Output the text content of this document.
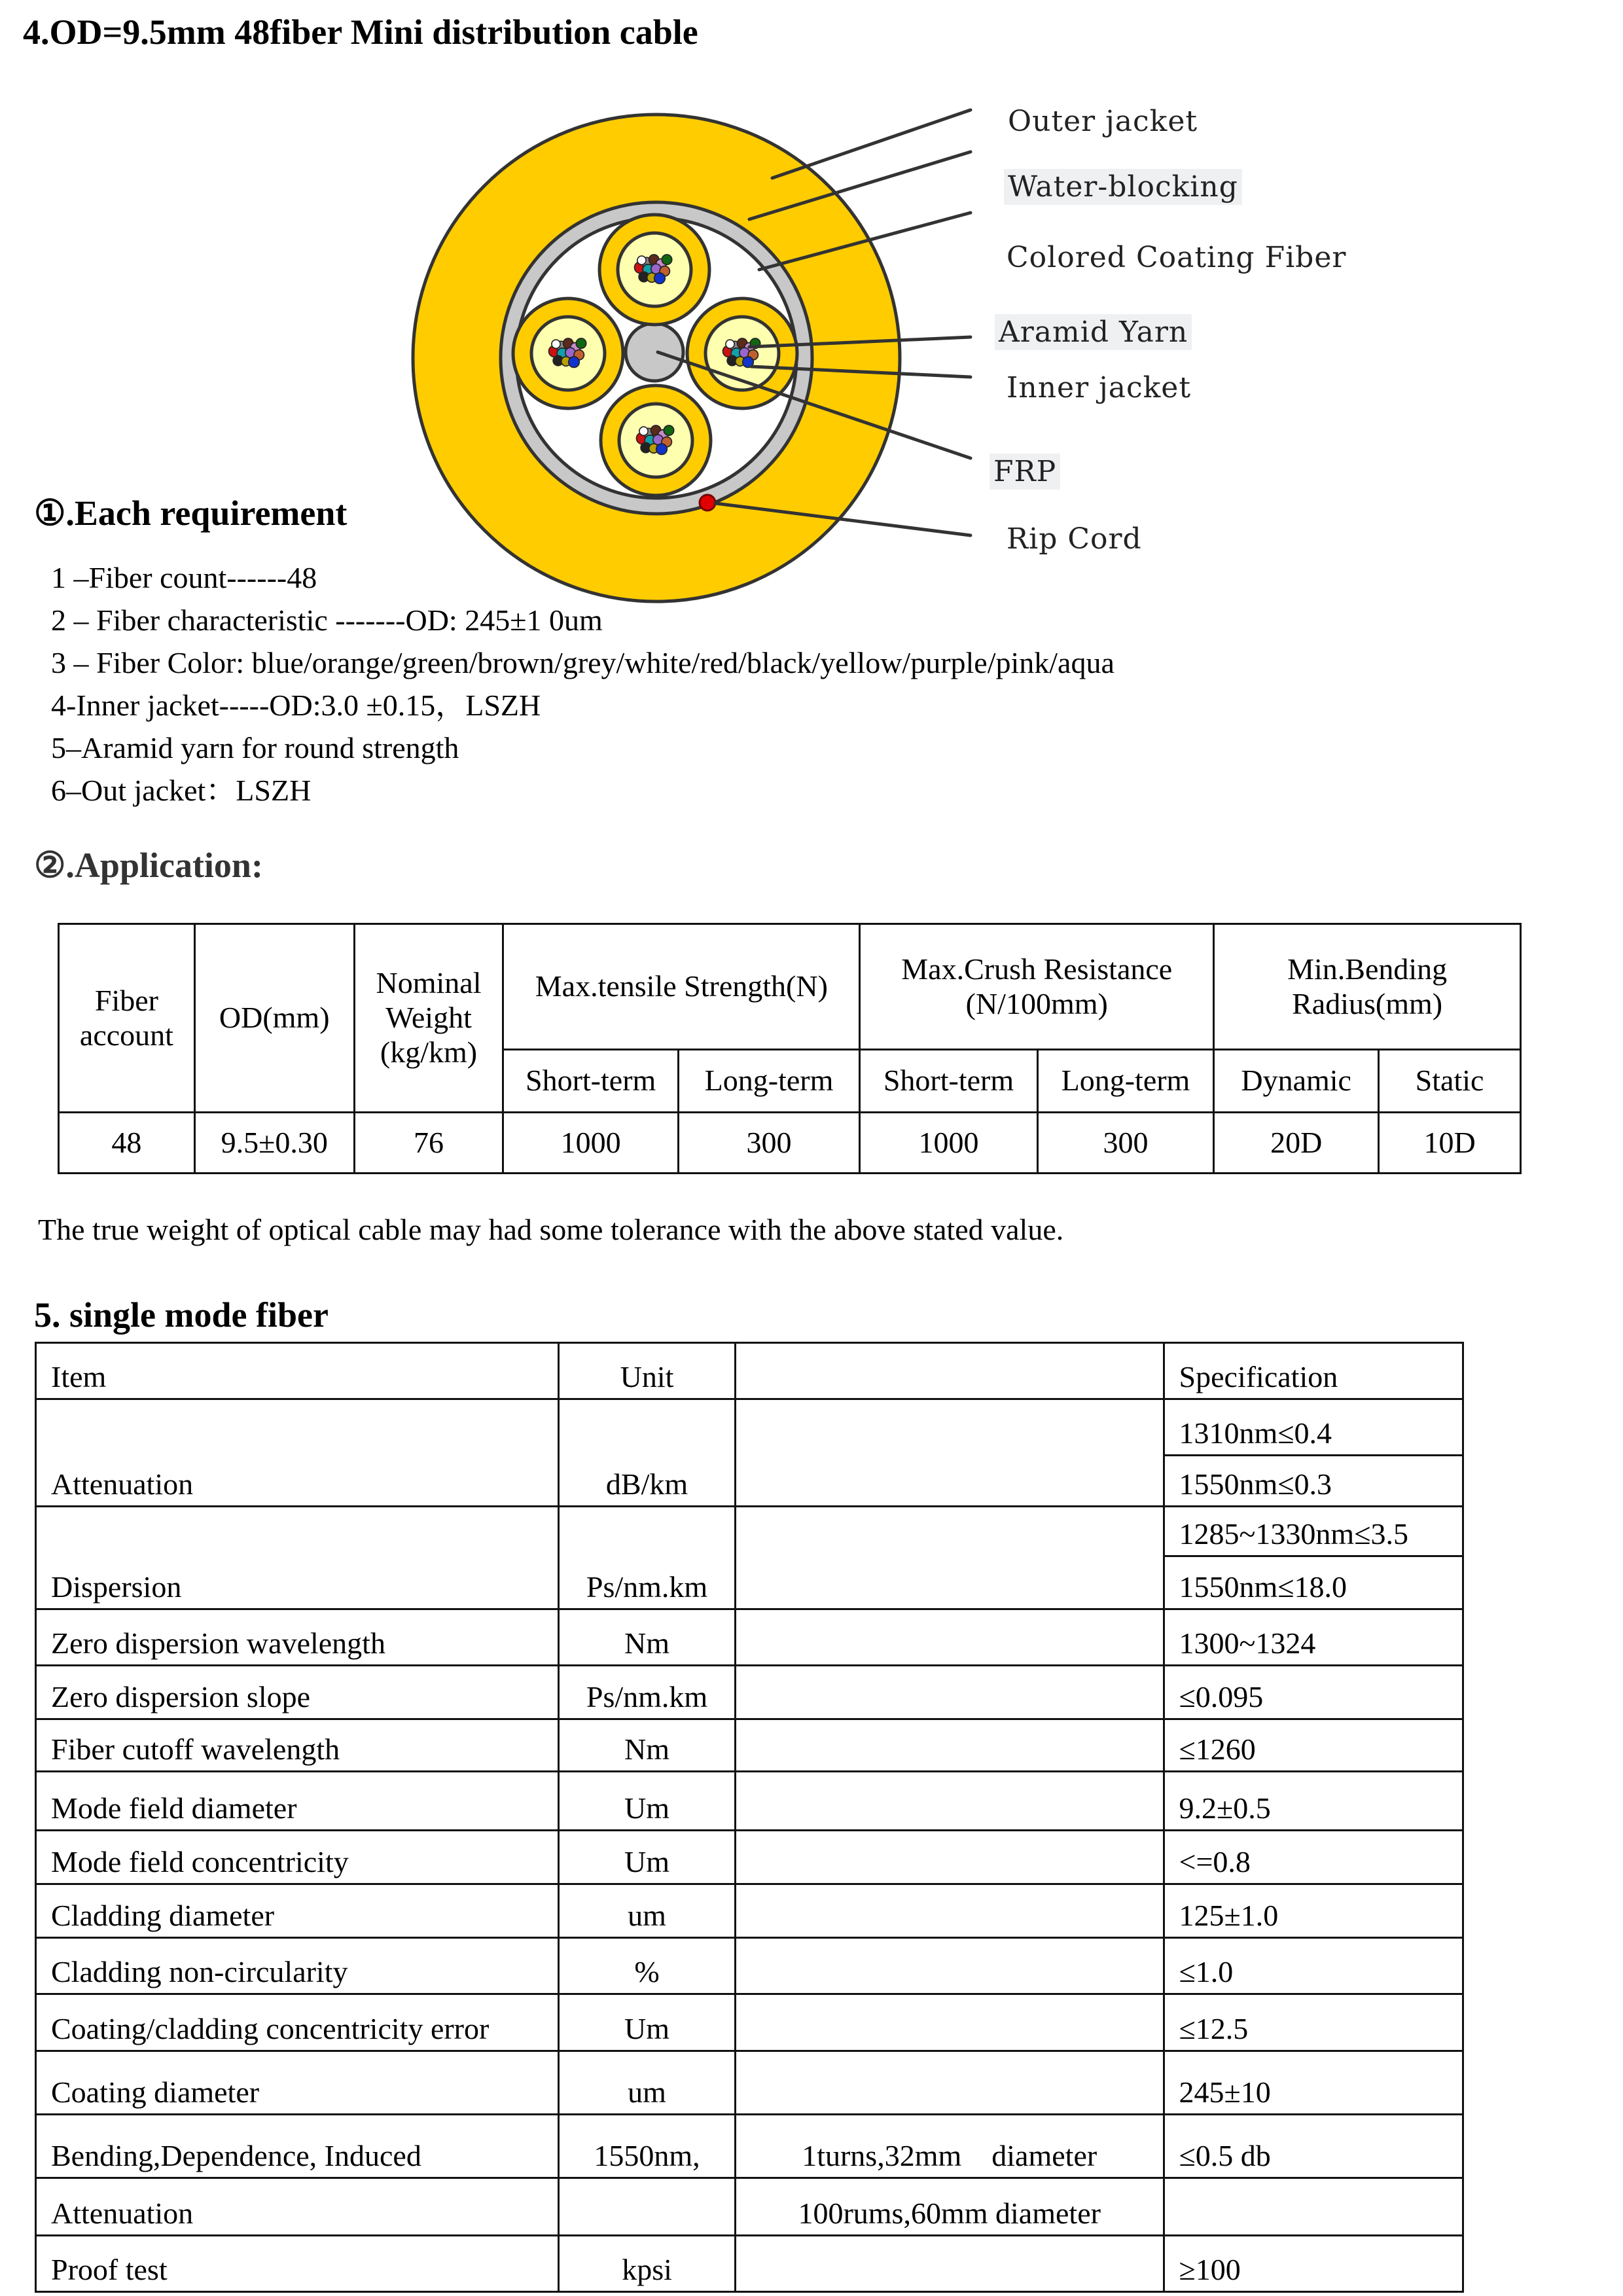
4.OD=9.5mm 48fiber Mini distribution cable
Outer jacket
Water-blocking
Colored Coating Fiber
Aramid Yarn
Inner jacket
FRP
Rip Cord
①.Each requirement
1 –Fiber count------48
2 – Fiber characteristic -------OD: 245±1 0um
3 – Fiber Color: blue/orange/green/brown/grey/white/red/black/yellow/purple/pink/aqua
4-Inner jacket-----OD:3.0 ±0.15，LSZH
5–Aramid yarn for round strength
6–Out jacket：LSZH
②.Application:
Fiber account	OD(mm)	Nominal Weight (kg/km)	Max.tensile Strength(N)		Max.Crush Resistance (N/100mm)		Min.Bending Radius(mm)	
			Short-term	Long-term	Short-term	Long-term	Dynamic	Static
48	9.5±0.30	76	1000	300	1000	300	20D	10D
The true weight of optical cable may had some tolerance with the above stated value.
5. single mode fiber
Item	Unit		Specification
Attenuation	dB/km		1310nm≤0.4
			1550nm≤0.3
Dispersion	Ps/nm.km		1285~1330nm≤3.5
			1550nm≤18.0
Zero dispersion wavelength	Nm		1300~1324
Zero dispersion slope	Ps/nm.km		≤0.095
Fiber cutoff wavelength	Nm		≤1260
Mode field diameter	Um		9.2±0.5
Mode field concentricity	Um		<=0.8
Cladding diameter	um		125±1.0
Cladding non-circularity	%		≤1.0
Coating/cladding concentricity error	Um		≤12.5
Coating diameter	um		245±10
Bending,Dependence, Induced	1550nm,	1turns,32mm    diameter	≤0.5 db
Attenuation		100rums,60mm diameter	
Proof test	kpsi		≥100
